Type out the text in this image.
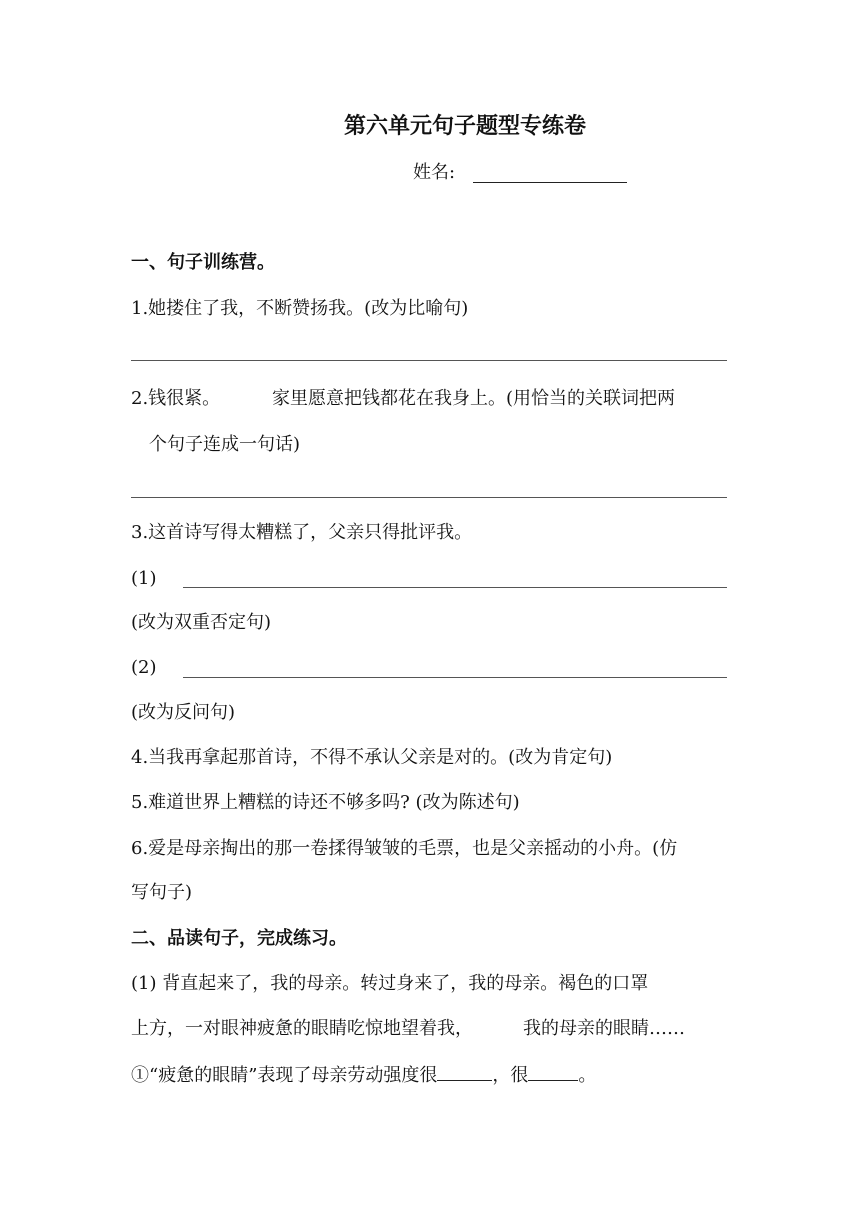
第六单元句子题型专练卷
姓名:
一、句子训练营。
1.她搂住了我，不断赞扬我。(改为比喻句)
2.钱很紧。	家里愿意把钱都花在我身上。(用恰当的关联词把两
个句子连成一句话)
3.这首诗写得太糟糕了，父亲只得批评我。
(1)
(改为双重否定句)
(2)
(改为反问句)
4.当我再拿起那首诗，不得不承认父亲是对的。(改为肯定句)
5.难道世界上糟糕的诗还不够多吗? (改为陈述句)
6.爱是母亲掏出的那一卷揉得皱皱的毛票，也是父亲摇动的小舟。(仿
写句子)
二、品读句子，完成练习。
(1) 背直起来了，我的母亲。转过身来了，我的母亲。褐色的口罩
上方，一对眼神疲惫的眼睛吃惊地望着我，	我的母亲的眼睛……
①“疲惫的眼睛”表现了母亲劳动强度很	，很	。
